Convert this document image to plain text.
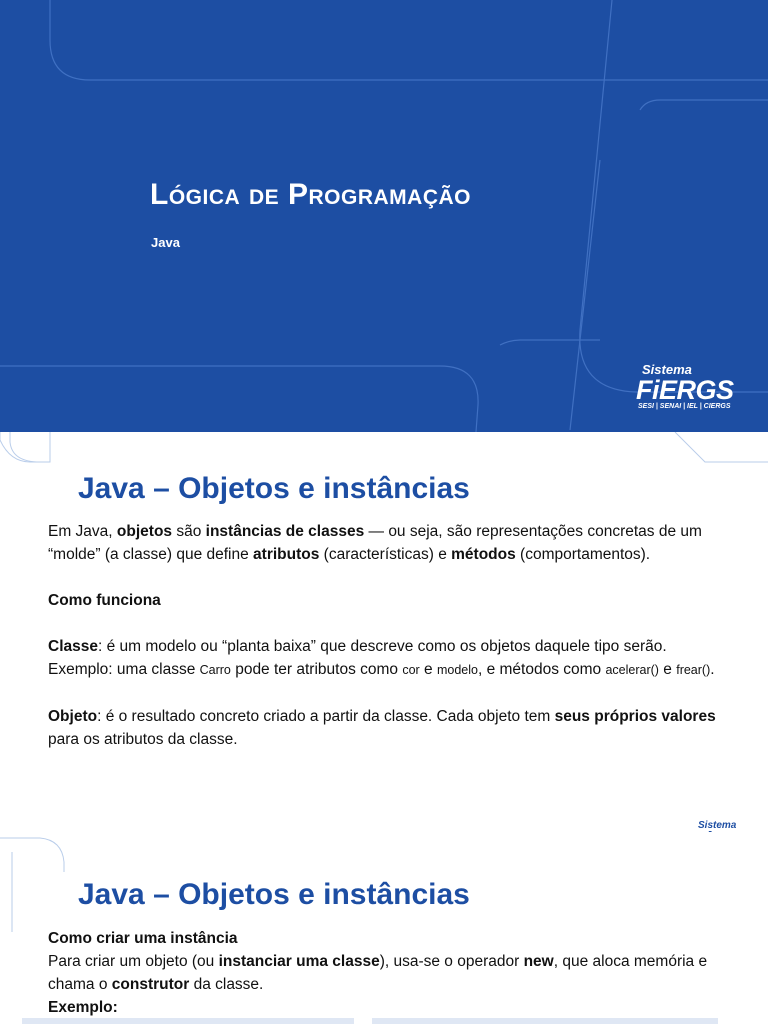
Lógica de Programação
Java
Sistema
FiERGS
SESI | SENAI | IEL | CIERGS
Java – Objetos e instâncias

Em Java, objetos são instâncias de classes — ou seja, são representações concretas de um “molde” (a classe) que define atributos (características) e métodos (comportamentos).

Como funciona

Classe: é um modelo ou “planta baixa” que descreve como os objetos daquele tipo serão.

Exemplo: uma classe Carro pode ter atributos como cor e modelo, e métodos como acelerar() e frear().

Objeto: é o resultado concreto criado a partir da classe. Cada objeto tem seus próprios valores para os atributos da classe.

Sistema
Java – Objetos e instâncias

Como criar uma instância

Para criar um objeto (ou instanciar uma classe), usa-se o operador new, que aloca memória e chama o construtor da classe.

Exemplo:
